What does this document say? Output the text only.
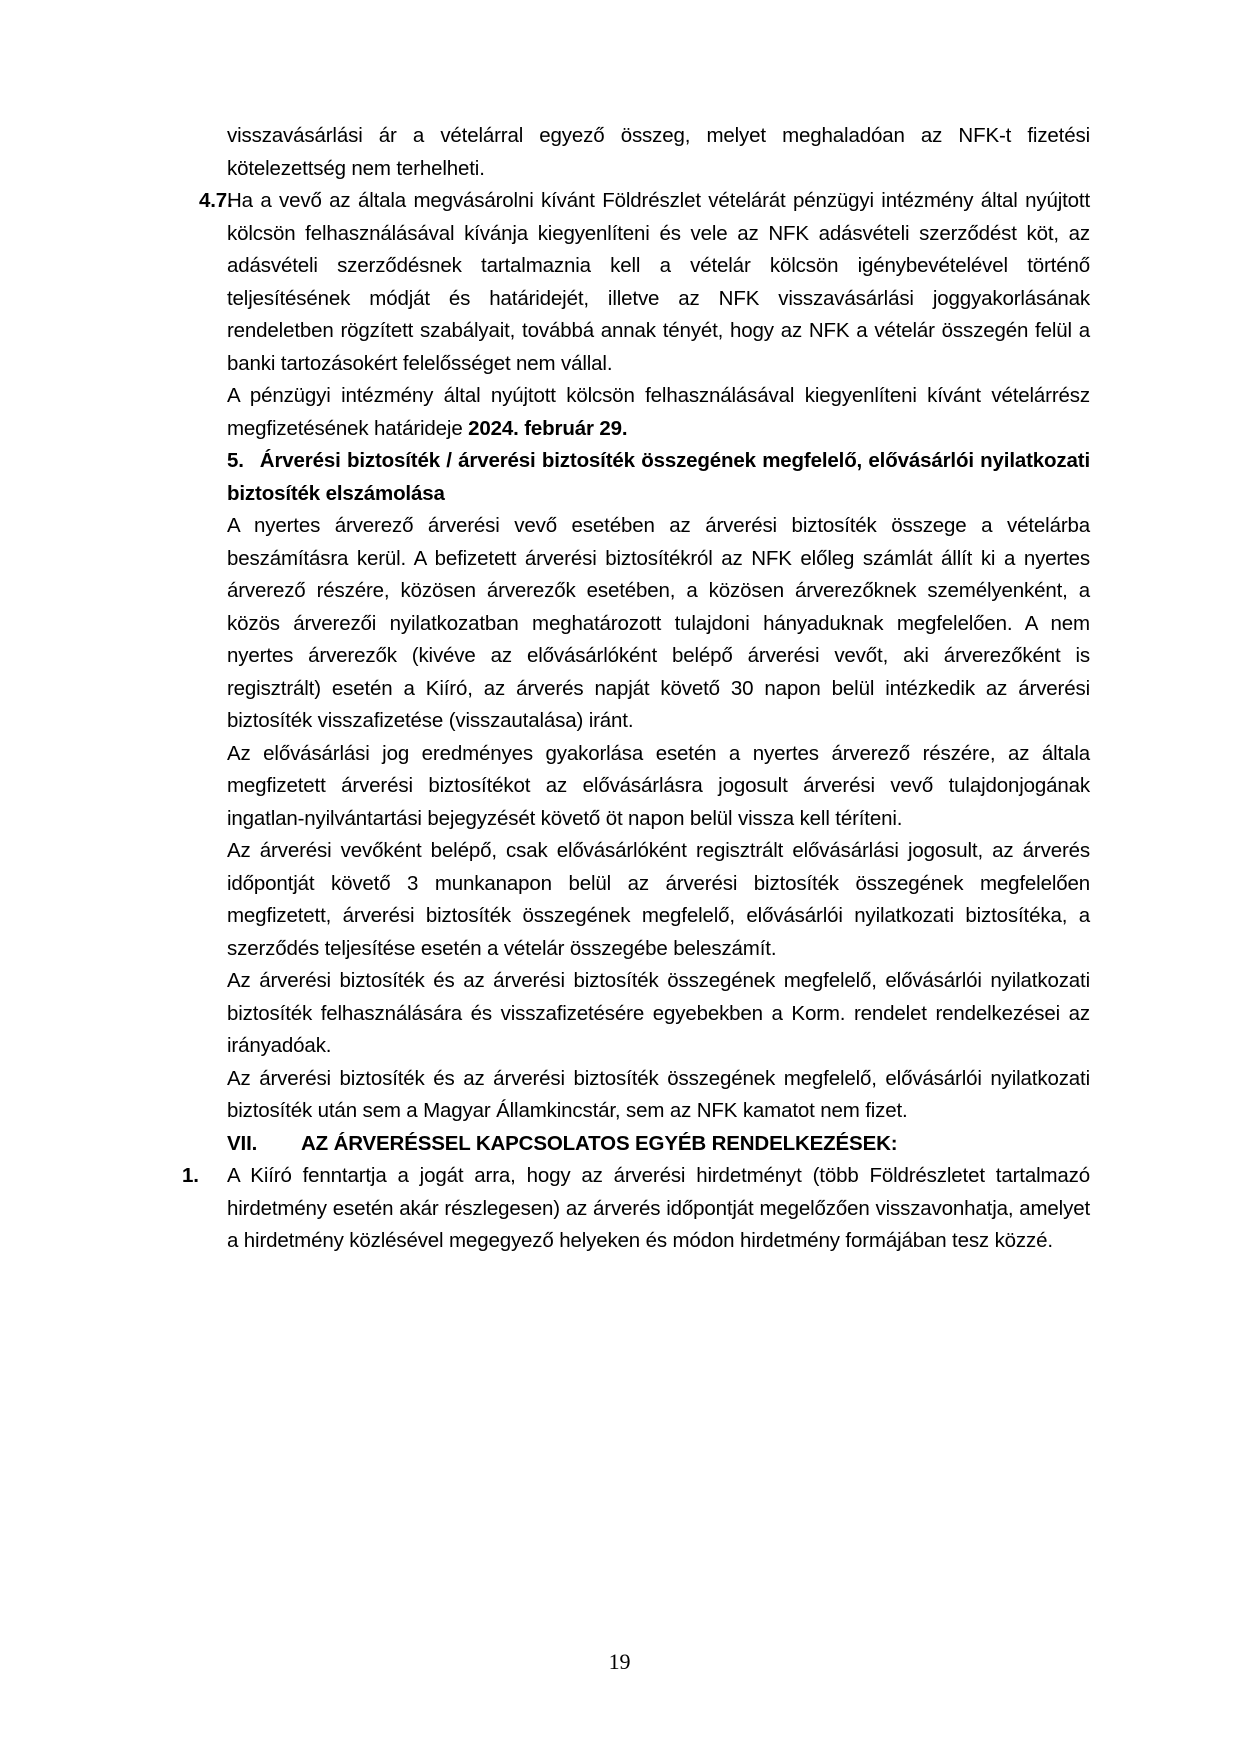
visszavásárlási ár a vételárral egyező összeg, melyet meghaladóan az NFK-t fizetési kötelezettség nem terhelheti.

4.7.
Ha a vevő az általa megvásárolni kívánt Földrészlet vételárát pénzügyi intézmény által nyújtott kölcsön felhasználásával kívánja kiegyenlíteni és vele az NFK adásvételi szerződést köt, az adásvételi szerződésnek tartalmaznia kell a vételár kölcsön igénybevételével történő teljesítésének módját és határidejét, illetve az NFK visszavásárlási joggyakorlásának rendeletben rögzített szabályait, továbbá annak tényét, hogy az NFK a vételár összegén felül a banki tartozásokért felelősséget nem vállal.

A pénzügyi intézmény által nyújtott kölcsön felhasználásával kiegyenlíteni kívánt vételárrész megfizetésének határideje 2024. február 29.

5. Árverési biztosíték / árverési biztosíték összegének megfelelő, elővásárlói nyilatkozati biztosíték elszámolása

A nyertes árverező árverési vevő esetében az árverési biztosíték összege a vételárba beszámításra kerül. A befizetett árverési biztosítékról az NFK előleg számlát állít ki a nyertes árverező részére, közösen árverezők esetében, a közösen árverezőknek személyenként, a közös árverezői nyilatkozatban meghatározott tulajdoni hányaduknak megfelelően. A nem nyertes árverezők (kivéve az elővásárlóként belépő árverési vevőt, aki árverezőként is regisztrált) esetén a Kiíró, az árverés napját követő 30 napon belül intézkedik az árverési biztosíték visszafizetése (visszautalása) iránt.

Az elővásárlási jog eredményes gyakorlása esetén a nyertes árverező részére, az általa megfizetett árverési biztosítékot az elővásárlásra jogosult árverési vevő tulajdonjogának ingatlan-nyilvántartási bejegyzését követő öt napon belül vissza kell téríteni.

Az árverési vevőként belépő, csak elővásárlóként regisztrált elővásárlási jogosult, az árverés időpontját követő 3 munkanapon belül az árverési biztosíték összegének megfelelően megfizetett, árverési biztosíték összegének megfelelő, elővásárlói nyilatkozati biztosítéka, a szerződés teljesítése esetén a vételár összegébe beleszámít.

Az árverési biztosíték és az árverési biztosíték összegének megfelelő, elővásárlói nyilatkozati biztosíték felhasználására és visszafizetésére egyebekben a Korm. rendelet rendelkezései az irányadóak.

Az árverési biztosíték és az árverési biztosíték összegének megfelelő, elővásárlói nyilatkozati biztosíték után sem a Magyar Államkincstár, sem az NFK kamatot nem fizet.

VII.	AZ ÁRVERÉSSEL KAPCSOLATOS EGYÉB RENDELKEZÉSEK:

1. A Kiíró fenntartja a jogát arra, hogy az árverési hirdetményt (több Földrészletet tartalmazó hirdetmény esetén akár részlegesen) az árverés időpontját megelőzően visszavonhatja, amelyet a hirdetmény közlésével megegyező helyeken és módon hirdetmény formájában tesz közzé.

19
